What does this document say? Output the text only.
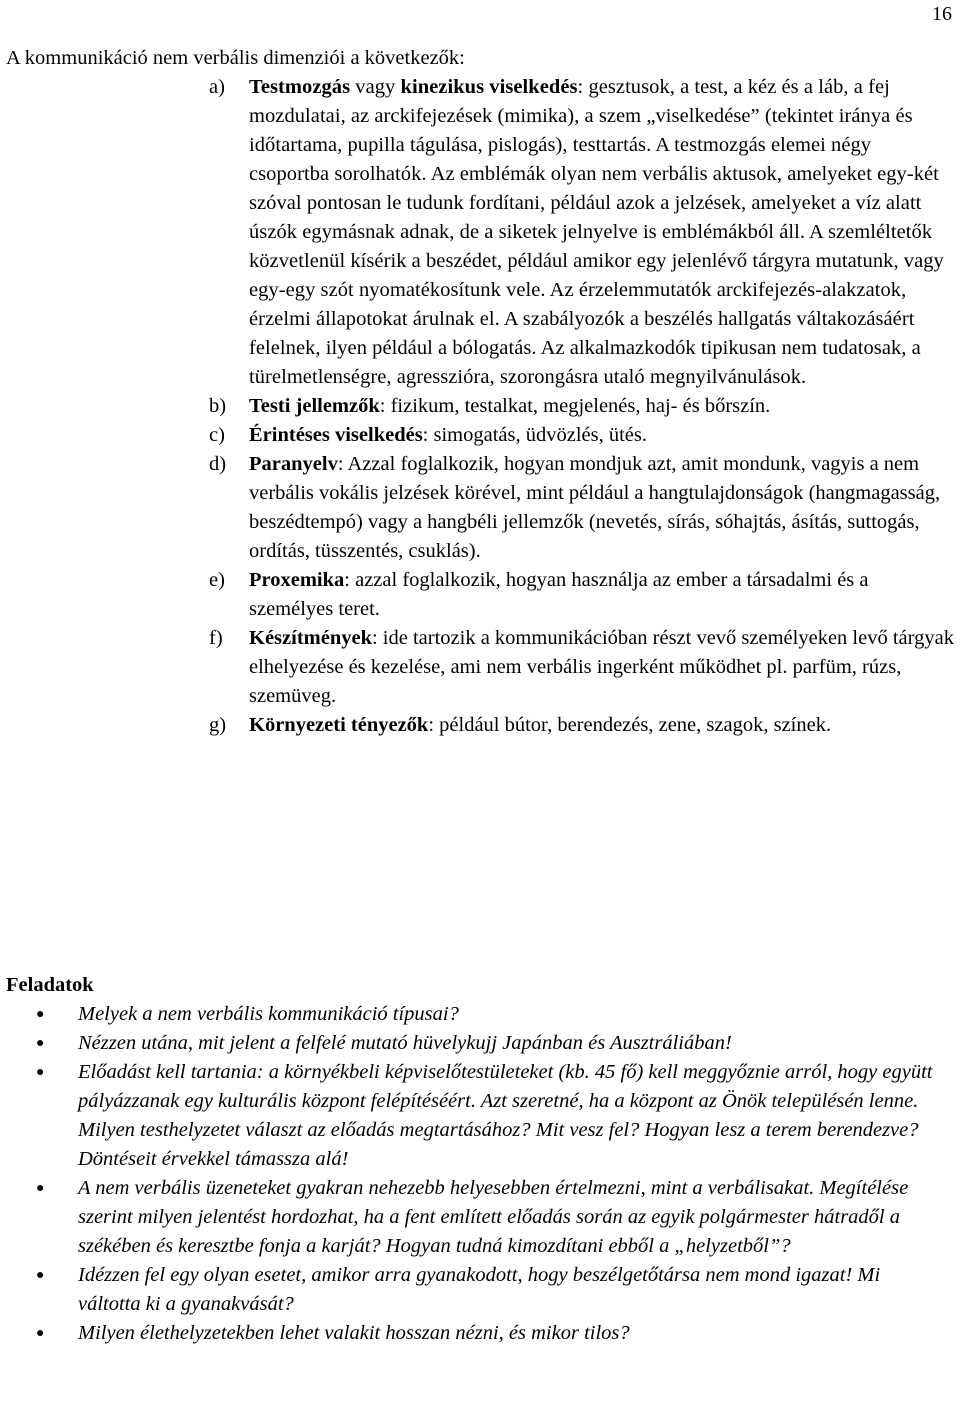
16
A kommunikáció nem verbális dimenziói a következők:
a)	Testmozgás vagy kinezikus viselkedés: gesztusok, a test, a kéz és a láb, a fej mozdulatai, az arckifejezések (mimika), a szem „viselkedése” (tekintet iránya és időtartama, pupilla tágulása, pislogás), testtartás. A testmozgás elemei négy csoportba sorolhatók. Az emblémák olyan nem verbális aktusok, amelyeket egy-két szóval pontosan le tudunk fordítani, például azok a jelzések, amelyeket a víz alatt úszók egymásnak adnak, de a siketek jelnyelve is emblémákból áll. A szemléltetők közvetlenül kísérik a beszédet, például amikor egy jelenlévő tárgyra mutatunk, vagy egy-egy szót nyomatékosítunk vele. Az érzelemmutatók arckifejezés-alakzatok, érzelmi állapotokat árulnak el. A szabályozók a beszélés hallgatás váltakozásáért felelnek, ilyen például a bólogatás. Az alkalmazkodók tipikusan nem tudatosak, a türelmetlenségre, agresszióra, szorongásra utaló megnyilvánulások.
b)	Testi jellemzők: fizikum, testalkat, megjelenés, haj- és bőrszín.
c)	Érintéses viselkedés: simogatás, üdvözlés, ütés.
d)	Paranyelv: Azzal foglalkozik, hogyan mondjuk azt, amit mondunk, vagyis a nem verbális vokális jelzések körével, mint például a hangtulajdonságok (hangmagasság, beszédtempó) vagy a hangbéli jellemzők (nevetés, sírás, sóhajtás, ásítás, suttogás, ordítás, tüsszentés, csuklás).
e)	Proxemika: azzal foglalkozik, hogyan használja az ember a társadalmi és a személyes teret.
f)	Készítmények: ide tartozik a kommunikációban részt vevő személyeken levő tárgyak elhelyezése és kezelése, ami nem verbális ingerként működhet pl. parfüm, rúzs, szemüveg.
g)	Környezeti tényezők: például bútor, berendezés, zene, szagok, színek.
Feladatok
●	Melyek a nem verbális kommunikáció típusai?
●	Nézzen utána, mit jelent a felfelé mutató hüvelykujj Japánban és Ausztráliában!
●	Előadást kell tartania: a környékbeli képviselőtestületeket (kb. 45 fő) kell meggyőznie arról, hogy együtt pályázzanak egy kulturális központ felépítéséért. Azt szeretné, ha a központ az Önök településén lenne. Milyen testhelyzetet választ az előadás megtartásához? Mit vesz fel? Hogyan lesz a terem berendezve? Döntéseit érvekkel támassza alá!
●	A nem verbális üzeneteket gyakran nehezebb helyesebben értelmezni, mint a verbálisakat. Megítélése szerint milyen jelentést hordozhat, ha a fent említett előadás során az egyik polgármester hátradől a székében és keresztbe fonja a karját? Hogyan tudná kimozdítani ebből a „helyzetből”?
●	Idézzen fel egy olyan esetet, amikor arra gyanakodott, hogy beszélgetőtársa nem mond igazat! Mi váltotta ki a gyanakvását?
●	Milyen élethelyzetekben lehet valakit hosszan nézni, és mikor tilos?
